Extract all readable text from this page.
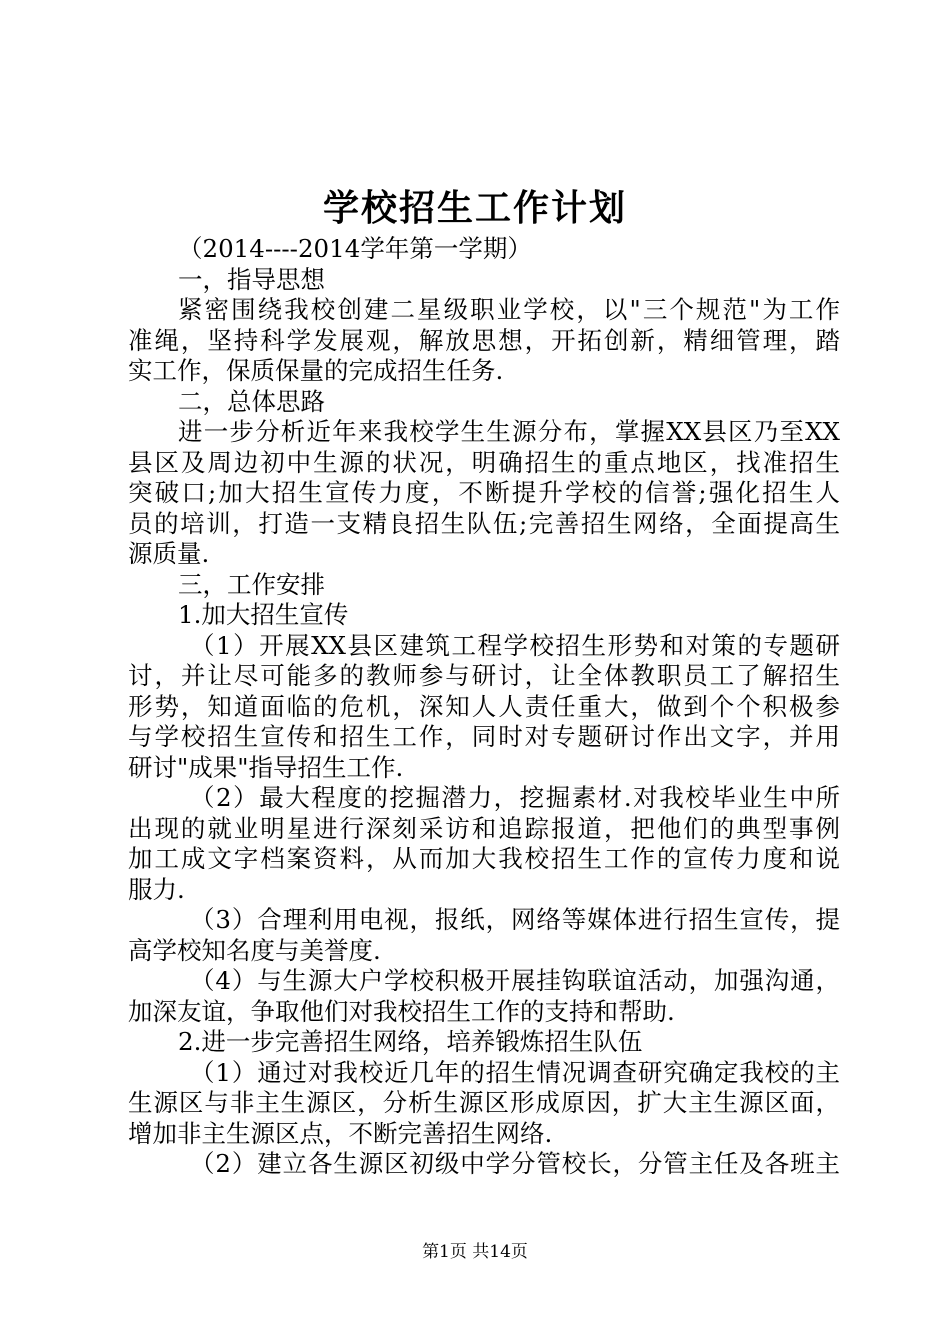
学校招生工作计划
（2014----2014学年第一学期）
一，指导思想
紧密围绕我校创建二星级职业学校，以"三个规范"为工作
准绳，坚持科学发展观，解放思想，开拓创新，精细管理，踏
实工作，保质保量的完成招生任务.
二，总体思路
进一步分析近年来我校学生生源分布，掌握XX县区乃至XX
县区及周边初中生源的状况，明确招生的重点地区，找准招生
突破口;加大招生宣传力度，不断提升学校的信誉;强化招生人
员的培训，打造一支精良招生队伍;完善招生网络，全面提高生
源质量.
三，工作安排
1.加大招生宣传
（1）开展XX县区建筑工程学校招生形势和对策的专题研
讨，并让尽可能多的教师参与研讨，让全体教职员工了解招生
形势，知道面临的危机，深知人人责任重大，做到个个积极参
与学校招生宣传和招生工作，同时对专题研讨作出文字，并用
研讨"成果"指导招生工作.
（2）最大程度的挖掘潜力，挖掘素材.对我校毕业生中所
出现的就业明星进行深刻采访和追踪报道，把他们的典型事例
加工成文字档案资料，从而加大我校招生工作的宣传力度和说
服力.
（3）合理利用电视，报纸，网络等媒体进行招生宣传，提
高学校知名度与美誉度.
（4）与生源大户学校积极开展挂钩联谊活动，加强沟通，
加深友谊，争取他们对我校招生工作的支持和帮助.
2.进一步完善招生网络，培养锻炼招生队伍
（1）通过对我校近几年的招生情况调查研究确定我校的主
生源区与非主生源区，分析生源区形成原因，扩大主生源区面，
增加非主生源区点，不断完善招生网络.
（2）建立各生源区初级中学分管校长，分管主任及各班主
第1页 共14页
